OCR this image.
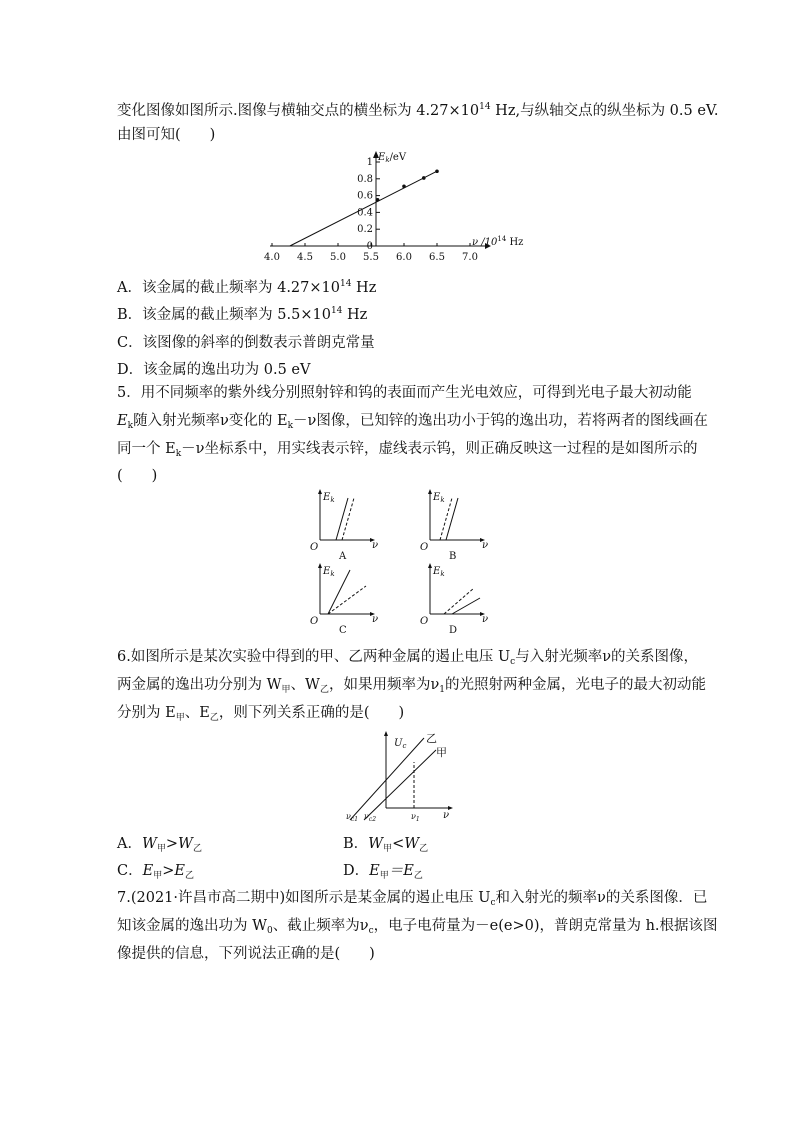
变化图像如图所示.图像与横轴交点的横坐标为 $4.27\times 10^{14}$ Hz,与纵轴交点的纵坐标为 0.5 eV.
由图可知(　　)
1
0.8
0.6
0.4
0.2
0
4.0 4.5 5.0 5.5 6.0 6.5 7.0
$E_k/eV$
ν $/10^{14}$ Hz
A．该金属的截止频率为 $4.27\times 10^{14}$ Hz
B．该金属的截止频率为 $5.5\times 10^{14}$ Hz
C．该图像的斜率的倒数表示普朗克常量
D．该金属的逸出功为 0.5 eV
5．用不同频率的紫外线分别照射锌和钨的表面而产生光电效应，可得到光电子最大初动能
$E_k$随入射光频率ν变化的 $E_k-\nu$图像，已知锌的逸出功小于钨的逸出功，若将两者的图线画在
同一个 $E_k-\nu$坐标系中，用实线表示锌，虚线表示钨，则正确反映这一过程的是如图所示的
(　　)
$E_k$
ν
O
A
$E_k$
ν
O
B
$E_k$
ν
O
C
$E_k$
ν
O
D
6.如图所示是某次实验中得到的甲、乙两种金属的遏止电压 $U_c$与入射光频率ν的关系图像，
两金属的逸出功分别为 $W_甲$、$W_乙$，如果用频率为$\nu_1$的光照射两种金属，光电子的最大初动能
分别为 $E_甲$、$E_乙$，则下列关系正确的是(　　)
$U_c$
乙
甲
ν
$\nu_{c1}$ $\nu_{c2}$	$\nu_1$
A．$W_甲>W_乙$	B．$W_甲<W_乙$
C．$E_甲>E_乙$	D．$E_甲=E_乙$
7.(2021·许昌市高二期中)如图所示是某金属的遏止电压 $U_c$和入射光的频率ν的关系图像．已
知该金属的逸出功为 $W_0$、截止频率为$\nu_c$，电子电荷量为－e(e>0)，普朗克常量为 h.根据该图
像提供的信息，下列说法正确的是(　　)
